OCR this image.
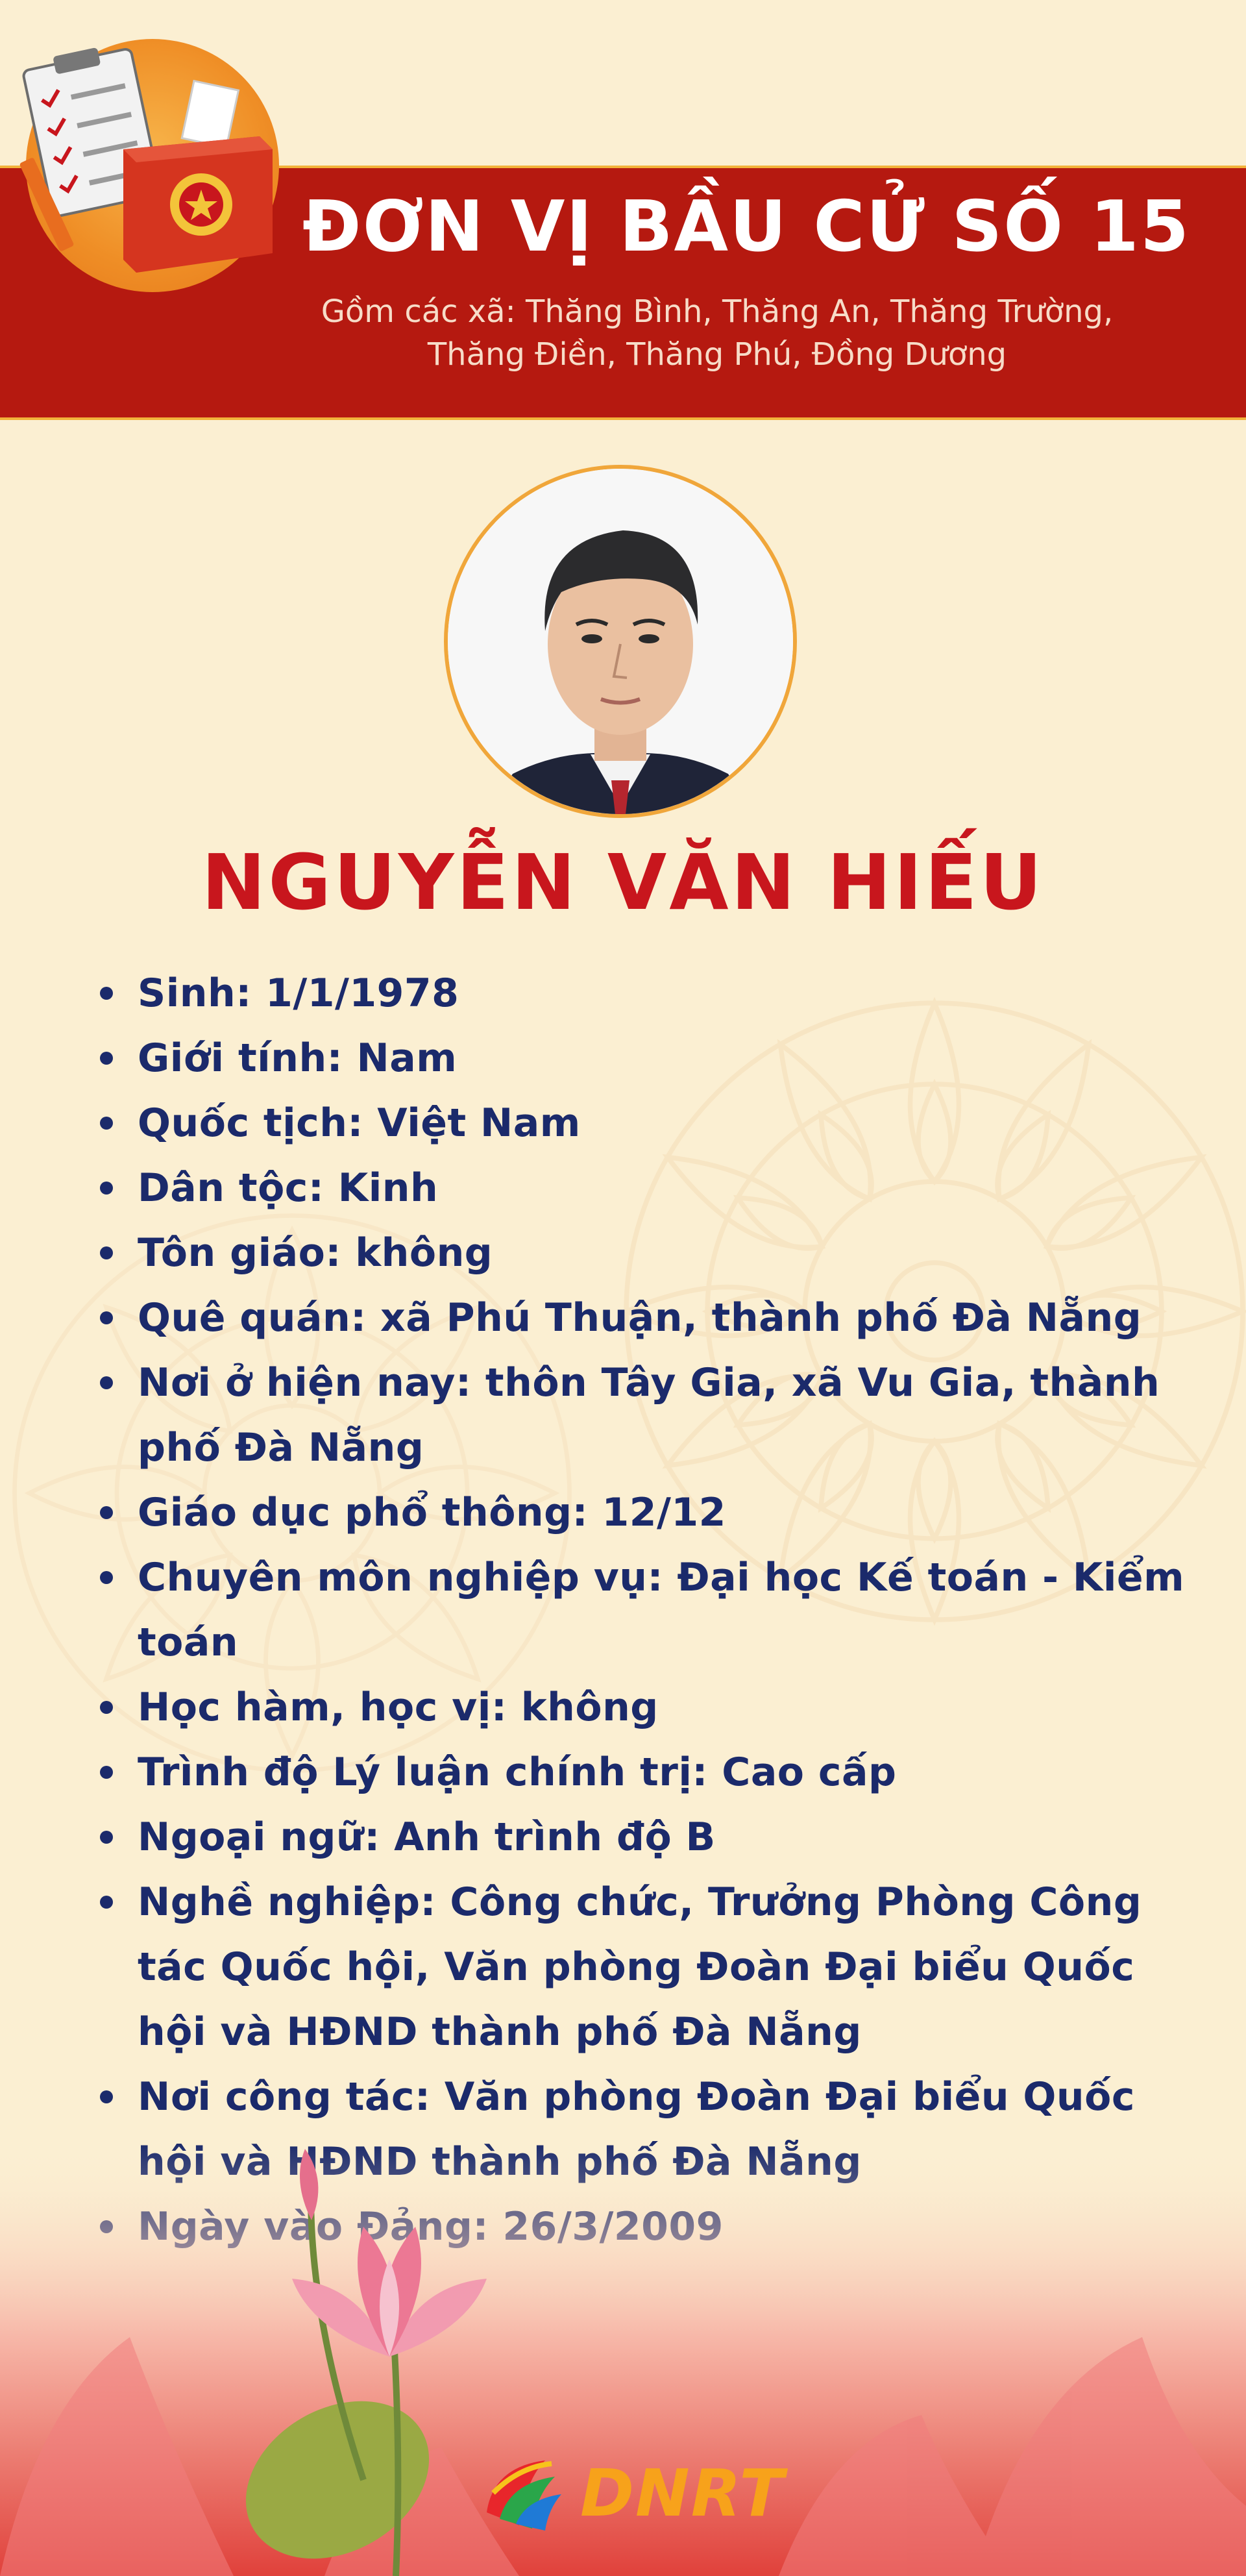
ĐƠN VỊ BẦU CỬ SỐ 15
Gồm các xã: Thăng Bình, Thăng An, Thăng Trường,
Thăng Điền, Thăng Phú, Đồng Dương
NGUYỄN VĂN HIẾU
Sinh: 1/1/1978
Giới tính: Nam
Quốc tịch: Việt Nam
Dân tộc: Kinh
Tôn giáo: không
Quê quán: xã Phú Thuận, thành phố Đà Nẵng
Nơi ở hiện nay: thôn Tây Gia, xã Vu Gia, thành phố Đà Nẵng
Giáo dục phổ thông: 12/12
Chuyên môn nghiệp vụ: Đại học Kế toán - Kiểm toán
Học hàm, học vị: không
Trình độ Lý luận chính trị: Cao cấp
Ngoại ngữ: Anh trình độ B
Nghề nghiệp: Công chức, Trưởng Phòng Công tác Quốc hội, Văn phòng Đoàn Đại biểu Quốc hội và HĐND thành phố Đà Nẵng
Nơi công tác: Văn phòng Đoàn Đại biểu Quốc
DNRT
